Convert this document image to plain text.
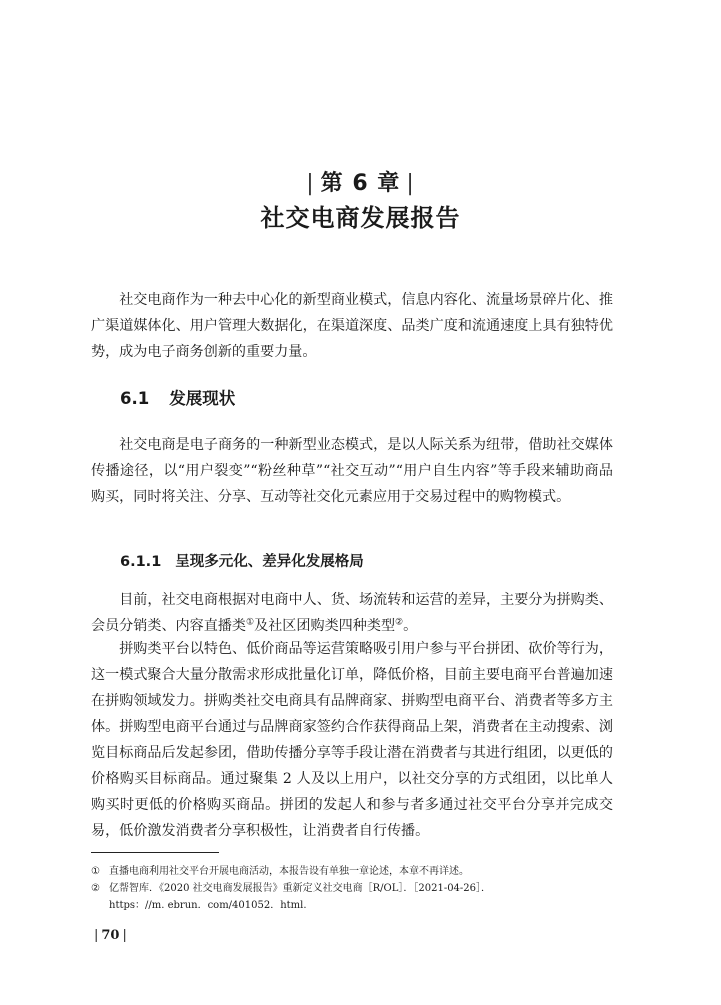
| 第 6 章 |
社交电商发展报告

社交电商作为一种去中心化的新型商业模式，信息内容化、流量场景碎片化、推广渠道媒体化、用户管理大数据化，在渠道深度、品类广度和流通速度上具有独特优势，成为电子商务创新的重要力量。

6.1 发展现状

社交电商是电子商务的一种新型业态模式，是以人际关系为纽带，借助社交媒体传播途径，以“用户裂变”“粉丝种草”“社交互动”“用户自生内容”等手段来辅助商品购买，同时将关注、分享、互动等社交化元素应用于交易过程中的购物模式。

6.1.1 呈现多元化、差异化发展格局

目前，社交电商根据对电商中人、货、场流转和运营的差异，主要分为拼购类、会员分销类、内容直播类①及社区团购类四种类型②。

拼购类平台以特色、低价商品等运营策略吸引用户参与平台拼团、砍价等行为，这一模式聚合大量分散需求形成批量化订单，降低价格，目前主要电商平台普遍加速在拼购领域发力。拼购类社交电商具有品牌商家、拼购型电商平台、消费者等多方主体。拼购型电商平台通过与品牌商家签约合作获得商品上架，消费者在主动搜索、浏览目标商品后发起参团，借助传播分享等手段让潜在消费者与其进行组团，以更低的价格购买目标商品。通过聚集 2 人及以上用户，以社交分享的方式组团，以比单人购买时更低的价格购买商品。拼团的发起人和参与者多通过社交平台分享并完成交易，低价激发消费者分享积极性，让消费者自行传播。

① 直播电商利用社交平台开展电商活动，本报告设有单独一章论述，本章不再详述。
② 亿帮智库．《2020 社交电商发展报告》重新定义社交电商［R/OL］．［2021-04-26］．
https：//m. ebrun．com/401052．html.
| 70 |
